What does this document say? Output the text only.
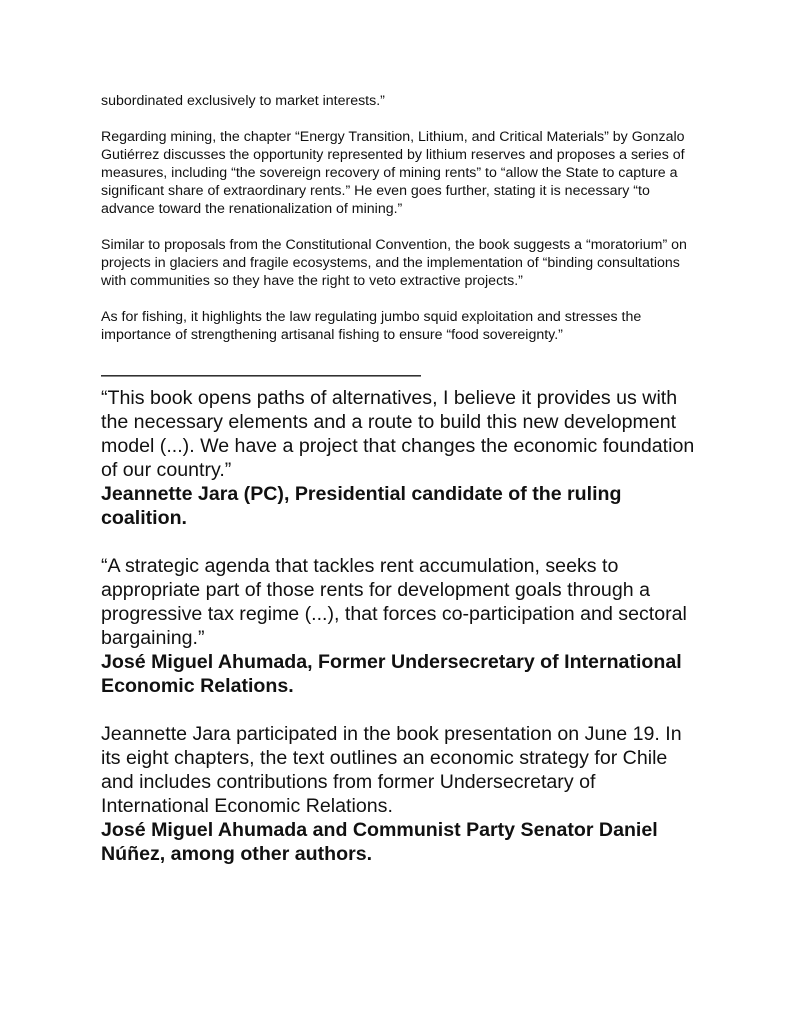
subordinated exclusively to market interests.”

Regarding mining, the chapter “Energy Transition, Lithium, and Critical Materials” by Gonzalo Gutiérrez discusses the opportunity represented by lithium reserves and proposes a series of measures, including “the sovereign recovery of mining rents” to “allow the State to capture a significant share of extraordinary rents.” He even goes further, stating it is necessary “to advance toward the renationalization of mining.”

Similar to proposals from the Constitutional Convention, the book suggests a “moratorium” on projects in glaciers and fragile ecosystems, and the implementation of “binding consultations with communities so they have the right to veto extractive projects.”

As for fishing, it highlights the law regulating jumbo squid exploitation and stresses the importance of strengthening artisanal fishing to ensure “food sovereignty.”

————————————————

“This book opens paths of alternatives, I believe it provides us with the necessary elements and a route to build this new development model (...). We have a project that changes the economic foundation of our country.”

Jeannette Jara (PC), Presidential candidate of the ruling coalition.

“A strategic agenda that tackles rent accumulation, seeks to appropriate part of those rents for development goals through a progressive tax regime (...), that forces co-participation and sectoral bargaining.”

José Miguel Ahumada, Former Undersecretary of International Economic Relations.

Jeannette Jara participated in the book presentation on June 19. In its eight chapters, the text outlines an economic strategy for Chile and includes contributions from former Undersecretary of International Economic Relations.

José Miguel Ahumada and Communist Party Senator Daniel Núñez, among other authors.
